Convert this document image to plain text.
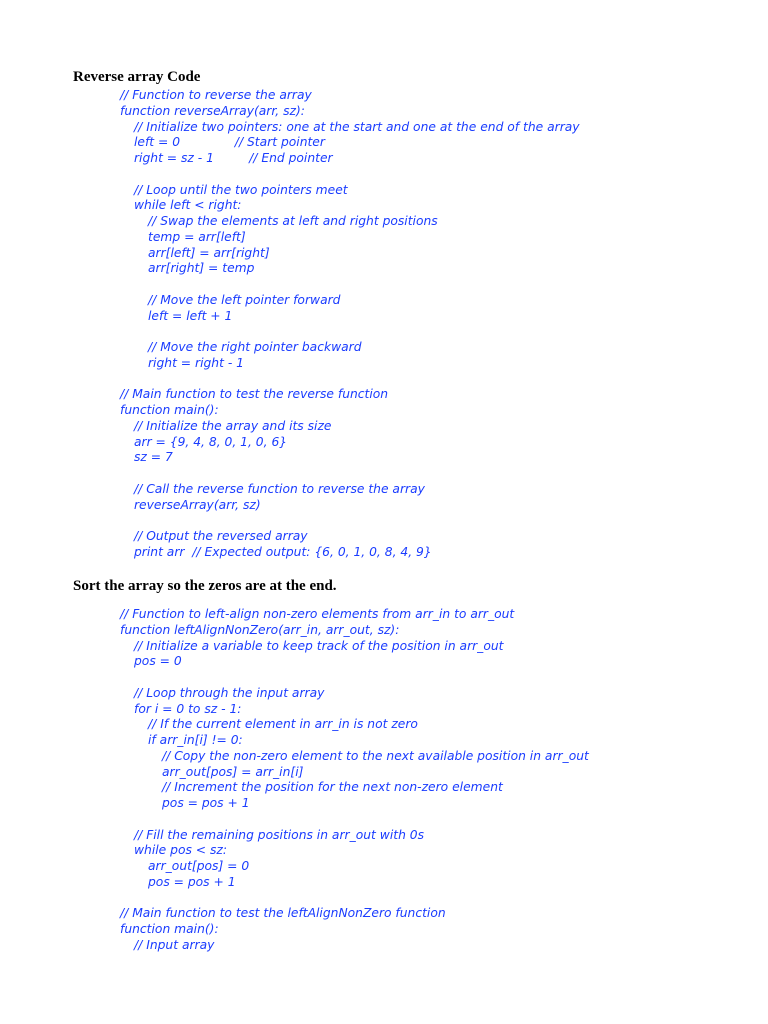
Reverse array Code
// Function to reverse the array
function reverseArray(arr, sz):
// Initialize two pointers: one at the start and one at the end of the array
left = 0              // Start pointer
right = sz - 1         // End pointer
// Loop until the two pointers meet
while left < right:
// Swap the elements at left and right positions
temp = arr[left]
arr[left] = arr[right]
arr[right] = temp
// Move the left pointer forward
left = left + 1
// Move the right pointer backward
right = right - 1
// Main function to test the reverse function
function main():
// Initialize the array and its size
arr = {9, 4, 8, 0, 1, 0, 6}
sz = 7
// Call the reverse function to reverse the array
reverseArray(arr, sz)
// Output the reversed array
print arr  // Expected output: {6, 0, 1, 0, 8, 4, 9}
Sort the array so the zeros are at the end.
// Function to left-align non-zero elements from arr_in to arr_out
function leftAlignNonZero(arr_in, arr_out, sz):
// Initialize a variable to keep track of the position in arr_out
pos = 0
// Loop through the input array
for i = 0 to sz - 1:
// If the current element in arr_in is not zero
if arr_in[i] != 0:
// Copy the non-zero element to the next available position in arr_out
arr_out[pos] = arr_in[i]
// Increment the position for the next non-zero element
pos = pos + 1
// Fill the remaining positions in arr_out with 0s
while pos < sz:
arr_out[pos] = 0
pos = pos + 1
// Main function to test the leftAlignNonZero function
function main():
// Input array
